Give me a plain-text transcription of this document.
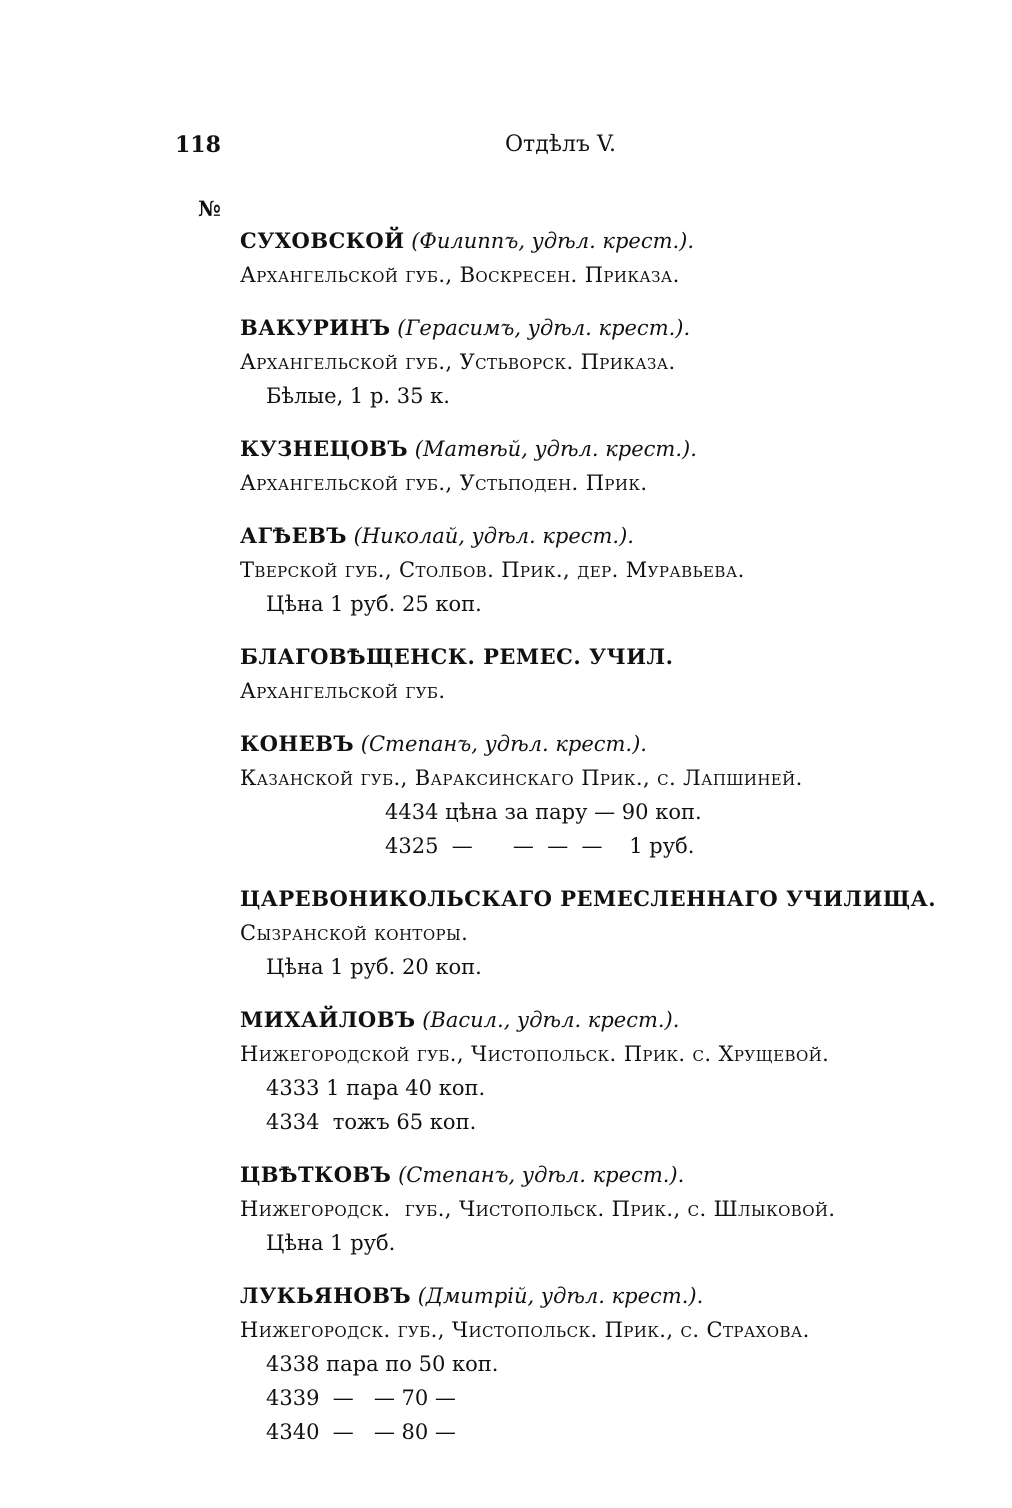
118	Отдѣлъ V.
№
СУХОВСКОЙ (Филиппъ, удѣл. крест.).
Архангельской губ., Воскресен. Приказа.
ВАКУРИНЪ (Герасимъ, удѣл. крест.).
Архангельской губ., Устьворск. Приказа.
Бѣлые, 1 р. 35 к.
КУЗНЕЦОВЪ (Матвѣй, удѣл. крест.).
Архангельской губ., Устьподен. Прик.
АГѢЕВЪ (Николай, удѣл. крест.).
Тверской губ., Столбов. Прик., дер. Муравьева.
Цѣна 1 руб. 25 коп.
БЛАГОВѢЩЕНСК. РЕМЕС. УЧИЛ.
Архангельской губ.
КОНЕВЪ (Степанъ, удѣл. крест.).
Казанской губ., Вараксинскаго Прик., с. Лапшиней.
4434 цѣна за пару — 90 коп.
4325  —      —  —  —    1 руб.
ЦАРЕВОНИКОЛЬСКАГО РЕМЕСЛЕННАГО УЧИЛИЩА.
Сызранской конторы.
Цѣна 1 руб. 20 коп.
МИХАЙЛОВЪ (Васил., удѣл. крест.).
Нижегородской губ., Чистопольск. Прик. с. Хрущевой.
4333 1 пара 40 коп.
4334  тожъ 65 коп.
ЦВѢТКОВЪ (Степанъ, удѣл. крест.).
Нижегородск.  губ., Чистопольск. Прик., с. Шлыковой.
Цѣна 1 руб.
ЛУКЬЯНОВЪ (Дмитрій, удѣл. крест.).
Нижегородск. губ., Чистопольск. Прик., с. Страхова.
4338 пара по 50 коп.
4339  —   — 70 —
4340  —   — 80 —
